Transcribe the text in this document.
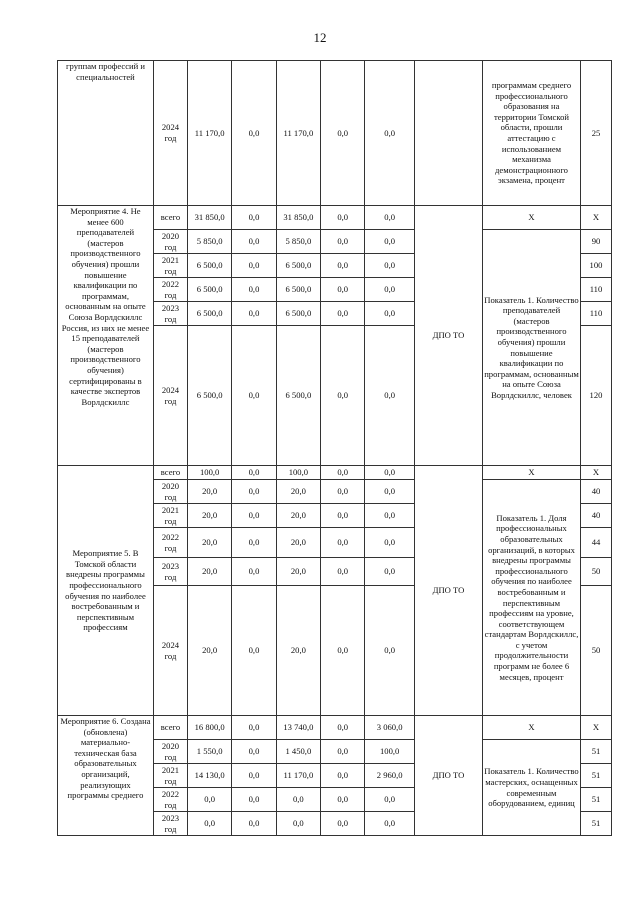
12
группам профессий и специальностей	2024 год	11 170,0	0,0	11 170,0	0,0	0,0		программам среднего профессионального образования на территории Томской области, прошли аттестацию с использованием механизма демонстрационного экзамена, процент	25
Мероприятие 4. Не менее 600 преподавателей (мастеров производственного обучения) прошли повышение квалификации по программам, основанным на опыте Союза Ворлдскиллс Россия, из них не менее 15 преподавателей (мастеров производственного обучения) сертифицированы в качестве экспертов Ворлдскиллс	всего	31 850,0	0,0	31 850,0	0,0	0,0	ДПО ТО	X	X
	2020 год	5 850,0	0,0	5 850,0	0,0	0,0		Показатель 1. Количество преподавателей (мастеров производственного обучения) прошли повышение квалификации по программам, основанным на опыте Союза Ворлдскиллс, человек	90
	2021 год	6 500,0	0,0	6 500,0	0,0	0,0			100
	2022 год	6 500,0	0,0	6 500,0	0,0	0,0			110
	2023 год	6 500,0	0,0	6 500,0	0,0	0,0			110
	2024 год	6 500,0	0,0	6 500,0	0,0	0,0			120
Мероприятие 5. В Томской области внедрены программы профессионального обучения по наиболее востребованным и перспективным профессиям	всего	100,0	0,0	100,0	0,0	0,0	ДПО ТО	X	X
	2020 год	20,0	0,0	20,0	0,0	0,0		Показатель 1. Доля профессиональных образовательных организаций, в которых внедрены программы профессионального обучения по наиболее востребованным и перспективным профессиям на уровне, соответствующем стандартам Ворлдскиллс, с учетом продолжительности программ не более 6 месяцев, процент	40
	2021 год	20,0	0,0	20,0	0,0	0,0			40
	2022 год	20,0	0,0	20,0	0,0	0,0			44
	2023 год	20,0	0,0	20,0	0,0	0,0			50
	2024 год	20,0	0,0	20,0	0,0	0,0			50
Мероприятие 6. Создана (обновлена) материально-техническая база образовательных организаций, реализующих программы среднего	всего	16 800,0	0,0	13 740,0	0,0	3 060,0	ДПО ТО	X	X
	2020 год	1 550,0	0,0	1 450,0	0,0	100,0		Показатель 1. Количество мастерских, оснащенных современным оборудованием, единиц	51
	2021 год	14 130,0	0,0	11 170,0	0,0	2 960,0			51
	2022 год	0,0	0,0	0,0	0,0	0,0			51
	2023 год	0,0	0,0	0,0	0,0	0,0			51
